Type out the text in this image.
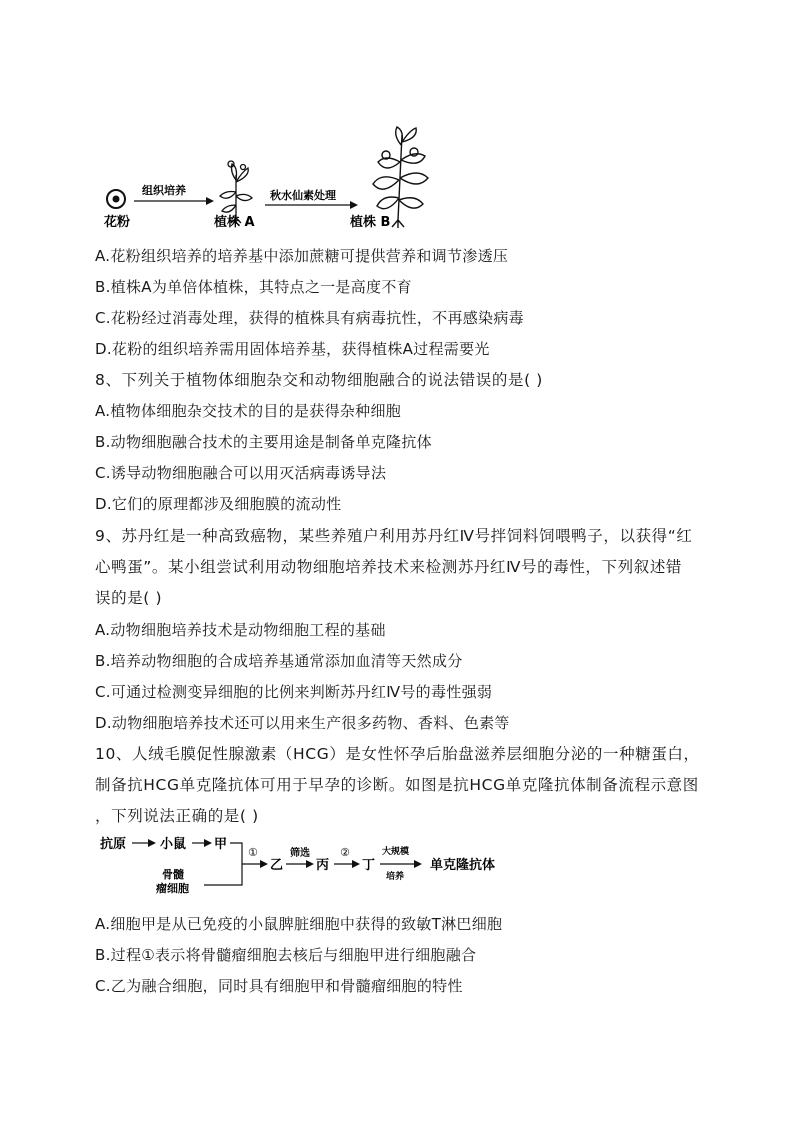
花粉
组织培养
植株 A
秋水仙素处理
植株 B
A.花粉组织培养的培养基中添加蔗糖可提供营养和调节渗透压
B.植株A为单倍体植株，其特点之一是高度不育
C.花粉经过消毒处理，获得的植株具有病毒抗性，不再感染病毒
D.花粉的组织培养需用固体培养基，获得植株A过程需要光
8、下列关于植物体细胞杂交和动物细胞融合的说法错误的是( )
A.植物体细胞杂交技术的目的是获得杂种细胞
B.动物细胞融合技术的主要用途是制备单克隆抗体
C.诱导动物细胞融合可以用灭活病毒诱导法
D.它们的原理都涉及细胞膜的流动性
9、苏丹红是一种高致癌物，某些养殖户利用苏丹红Ⅳ号拌饲料饲喂鸭子，以获得“红
心鸭蛋”。某小组尝试利用动物细胞培养技术来检测苏丹红Ⅳ号的毒性，下列叙述错
误的是( )
A.动物细胞培养技术是动物细胞工程的基础
B.培养动物细胞的合成培养基通常添加血清等天然成分
C.可通过检测变异细胞的比例来判断苏丹红Ⅳ号的毒性强弱
D.动物细胞培养技术还可以用来生产很多药物、香料、色素等
10、人绒毛膜促性腺激素（HCG）是女性怀孕后胎盘滋养层细胞分泌的一种糖蛋白，
制备抗HCG单克隆抗体可用于早孕的诊断。如图是抗HCG单克隆抗体制备流程示意图
，下列说法正确的是( )
抗原	小鼠 甲
骨髓
瘤细胞
①
乙
筛选
丙
②
丁
大规模
培养
单克隆抗体
A.细胞甲是从已免疫的小鼠脾脏细胞中获得的致敏T淋巴细胞
B.过程①表示将骨髓瘤细胞去核后与细胞甲进行细胞融合
C.乙为融合细胞，同时具有细胞甲和骨髓瘤细胞的特性
